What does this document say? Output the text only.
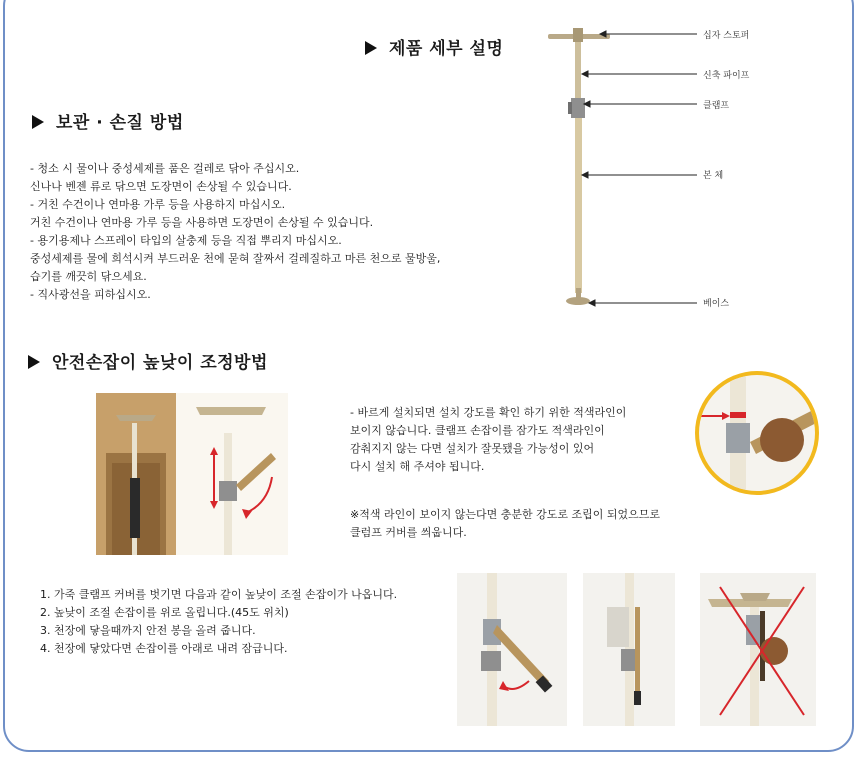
제품 세부 설명
십자 스토퍼
신축 파이프
클램프
본 체
베이스
보관 · 손질 방법
- 청소 시 물이나 중성세제를 품은 걸레로 닦아 주십시오.
신나나 벤젠 류로 닦으면 도장면이 손상될 수 있습니다.
- 거친 수건이나 연마용 가루 등을 사용하지 마십시오.
거친 수건이나 연마용 가루 등을 사용하면 도장면이 손상될 수 있습니다.
- 용기용제나 스프레이 타입의 살충제 등을 직접 뿌리지 마십시오.
중성세제를 물에 희석시켜 부드러운 천에 묻혀 잘짜서 걸레질하고 마른 천으로 물방울,
습기를 깨끗히 닦으세요.
- 직사광선을 피하십시오.
안전손잡이 높낮이 조정방법
- 바르게 설치되면 설치 강도를 확인 하기 위한 적색라인이
보이지 않습니다. 클램프 손잡이를 잠가도 적색라인이
감춰지지 않는 다면 설치가 잘못됐을 가능성이 있어
다시 설치 해 주셔야 됩니다.
※적색 라인이 보이지 않는다면 충분한 강도로 조립이 되었으므로
클럼프 커버를 씌웁니다.
1. 가죽 클램프 커버를 벗기면 다음과 같이 높낮이 조절 손잡이가 나옵니다.
2. 높낮이 조절 손잡이를 위로 올립니다.(45도 위치)
3. 천장에 닿을때까지 안전 봉을 올려 줍니다.
4. 천장에 닿았다면 손잡이를 아래로 내려 잠급니다.
